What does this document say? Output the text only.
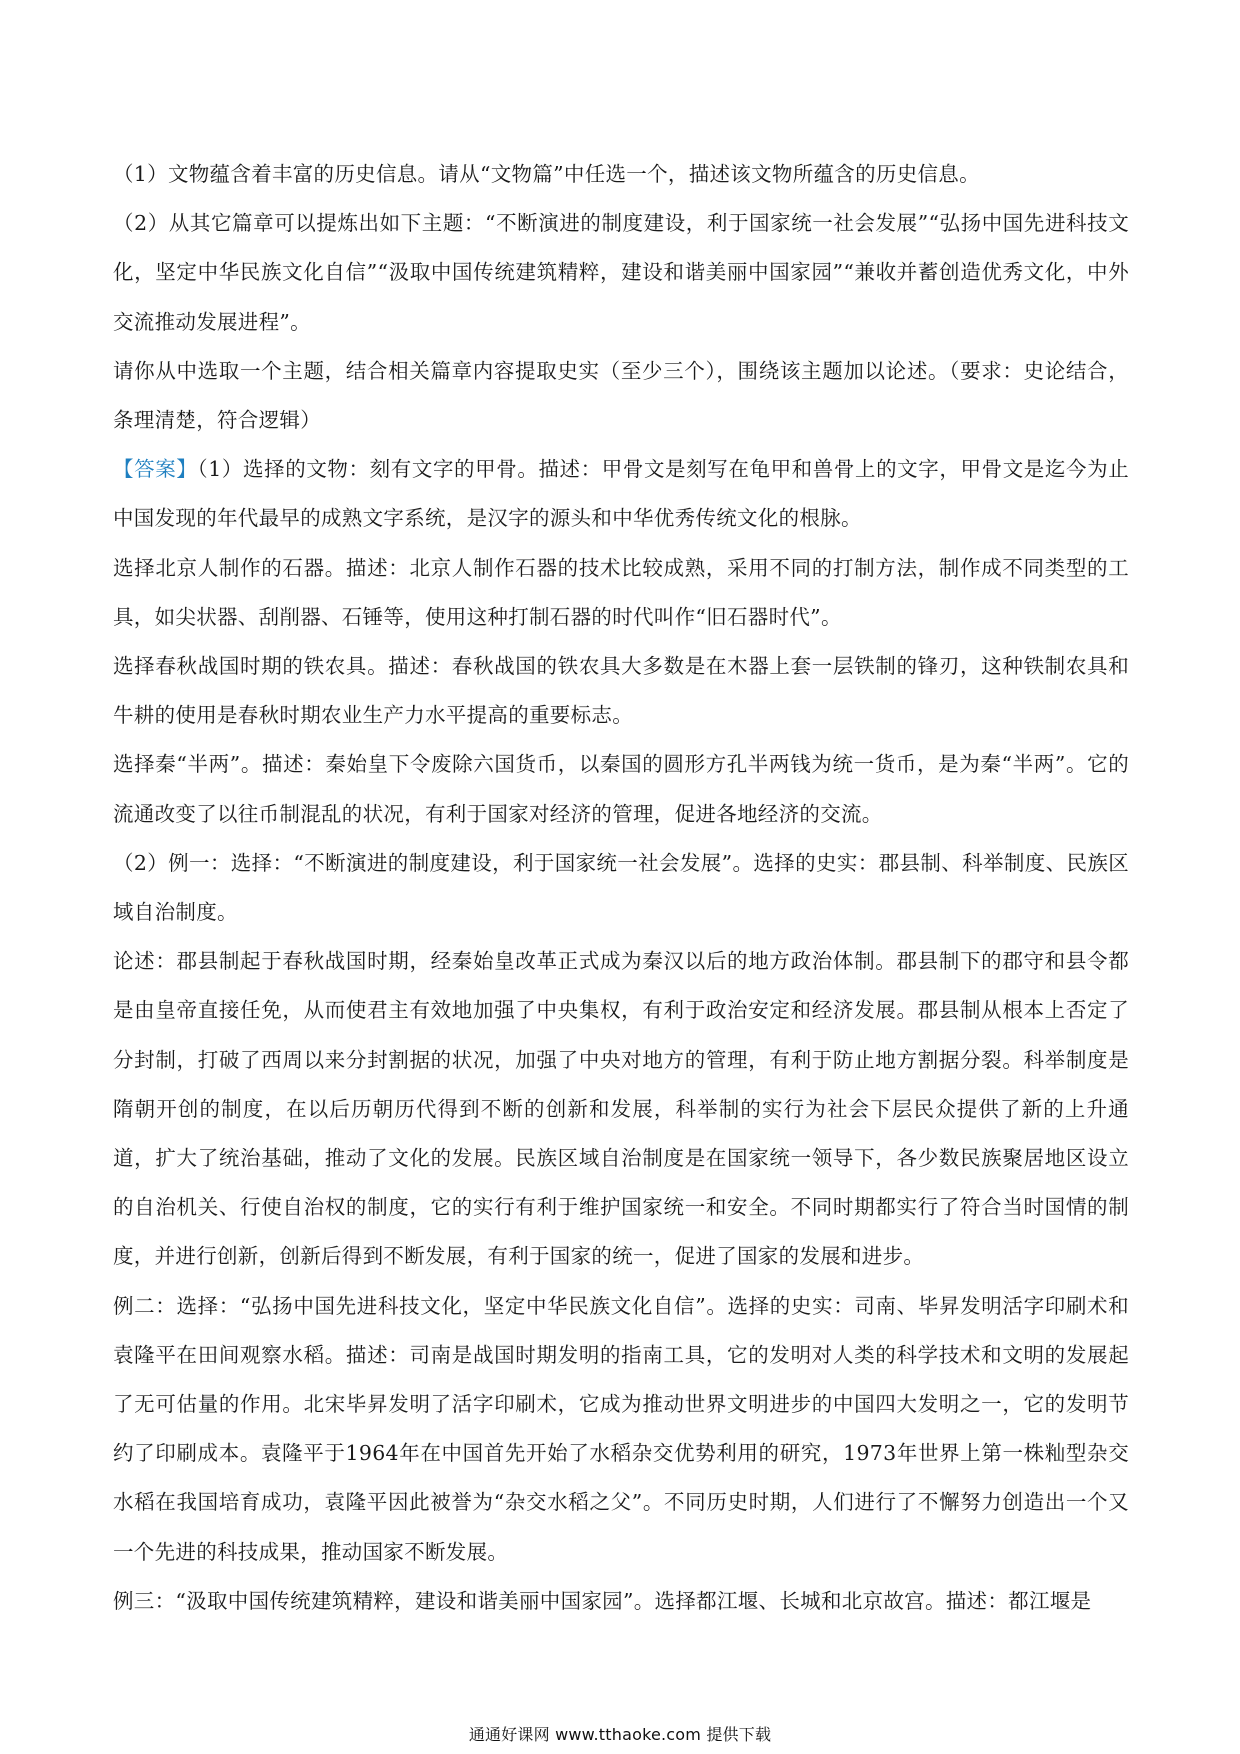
（1）文物蕴含着丰富的历史信息。请从“文物篇”中任选一个，描述该文物所蕴含的历史信息。

（2）从其它篇章可以提炼出如下主题：“不断演进的制度建设，利于国家统一社会发展”“弘扬中国先进科技文化，坚定中华民族文化自信”“汲取中国传统建筑精粹，建设和谐美丽中国家园”“兼收并蓄创造优秀文化，中外交流推动发展进程”。

请你从中选取一个主题，结合相关篇章内容提取史实（至少三个），围绕该主题加以论述。（要求：史论结合，条理清楚，符合逻辑）

【答案】（1）选择的文物：刻有文字的甲骨。描述：甲骨文是刻写在龟甲和兽骨上的文字，甲骨文是迄今为止中国发现的年代最早的成熟文字系统，是汉字的源头和中华优秀传统文化的根脉。

选择北京人制作的石器。描述：北京人制作石器的技术比较成熟，采用不同的打制方法，制作成不同类型的工具，如尖状器、刮削器、石锤等，使用这种打制石器的时代叫作“旧石器时代”。

选择春秋战国时期的铁农具。描述：春秋战国的铁农具大多数是在木器上套一层铁制的锋刃，这种铁制农具和牛耕的使用是春秋时期农业生产力水平提高的重要标志。

选择秦“半两”。描述：秦始皇下令废除六国货币，以秦国的圆形方孔半两钱为统一货币，是为秦“半两”。它的流通改变了以往币制混乱的状况，有利于国家对经济的管理，促进各地经济的交流。

（2）例一：选择：“不断演进的制度建设，利于国家统一社会发展”。选择的史实：郡县制、科举制度、民族区域自治制度。

论述：郡县制起于春秋战国时期，经秦始皇改革正式成为秦汉以后的地方政治体制。郡县制下的郡守和县令都是由皇帝直接任免，从而使君主有效地加强了中央集权，有利于政治安定和经济发展。郡县制从根本上否定了分封制，打破了西周以来分封割据的状况，加强了中央对地方的管理，有利于防止地方割据分裂。科举制度是隋朝开创的制度，在以后历朝历代得到不断的创新和发展，科举制的实行为社会下层民众提供了新的上升通道，扩大了统治基础，推动了文化的发展。民族区域自治制度是在国家统一领导下，各少数民族聚居地区设立的自治机关、行使自治权的制度，它的实行有利于维护国家统一和安全。不同时期都实行了符合当时国情的制度，并进行创新，创新后得到不断发展，有利于国家的统一，促进了国家的发展和进步。

例二：选择：“弘扬中国先进科技文化，坚定中华民族文化自信”。选择的史实：司南、毕昇发明活字印刷术和袁隆平在田间观察水稻。描述：司南是战国时期发明的指南工具，它的发明对人类的科学技术和文明的发展起了无可估量的作用。北宋毕昇发明了活字印刷术，它成为推动世界文明进步的中国四大发明之一，它的发明节约了印刷成本。袁隆平于1964年在中国首先开始了水稻杂交优势利用的研究，1973年世界上第一株籼型杂交水稻在我国培育成功，袁隆平因此被誉为“杂交水稻之父”。不同历史时期，人们进行了不懈努力创造出一个又一个先进的科技成果，推动国家不断发展。

例三：“汲取中国传统建筑精粹，建设和谐美丽中国家园”。选择都江堰、长城和北京故宫。描述：都江堰是

通通好课网 www.tthaoke.com 提供下载
